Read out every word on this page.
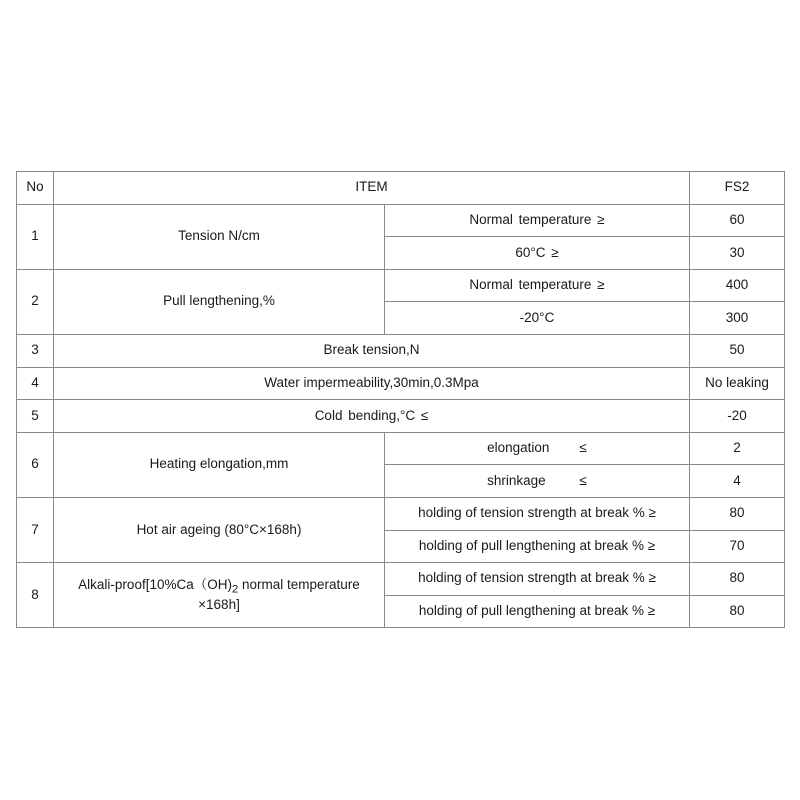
No	ITEM		FS2
1	Tension N/cm	Normal temperature ≥	60
		60°C ≥	30
2	Pull lengthening,%	Normal temperature ≥	400
		-20°C	300
3	Break tension,N		50
4	Water impermeability,30min,0.3Mpa		No leaking
5	Cold bending,°C ≤		-20
6	Heating elongation,mm	elongation        ≤	2
		shrinkage         ≤	4
7	Hot air ageing (80°C×168h)	holding of tension strength at break % ≥	80
		holding of pull lengthening at break % ≥	70
8	Alkali-$proof[10\%Ca(OH)_2$ normal temperature ×168h]	holding of tension strength at break % ≥	80
		holding of pull lengthening at break % ≥	80
